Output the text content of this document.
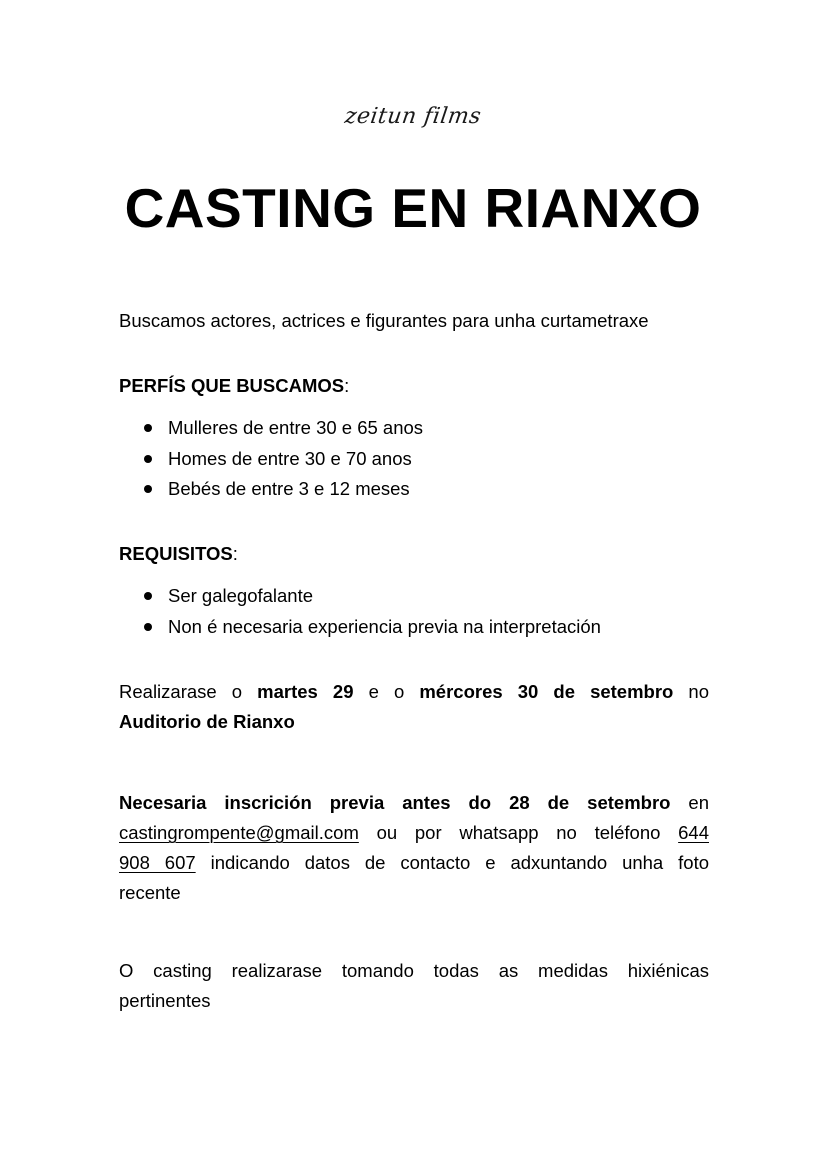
zeitun films
CASTING EN RIANXO
Buscamos actores, actrices e figurantes para unha curtametraxe
PERFÍS QUE BUSCAMOS:
Mulleres de entre 30 e 65 anos
Homes de entre 30 e 70 anos
Bebés de entre 3 e 12 meses
REQUISITOS:
Ser galegofalante
Non é necesaria experiencia previa na interpretación
Realizarase o martes 29 e o mércores 30 de setembro no
Auditorio de Rianxo
Necesaria inscrición previa antes do 28 de setembro en
castingrompente@gmail.com ou por whatsapp no teléfono 644
908 607 indicando datos de contacto e adxuntando unha foto
recente
O casting realizarase tomando todas as medidas hixiénicas
pertinentes
